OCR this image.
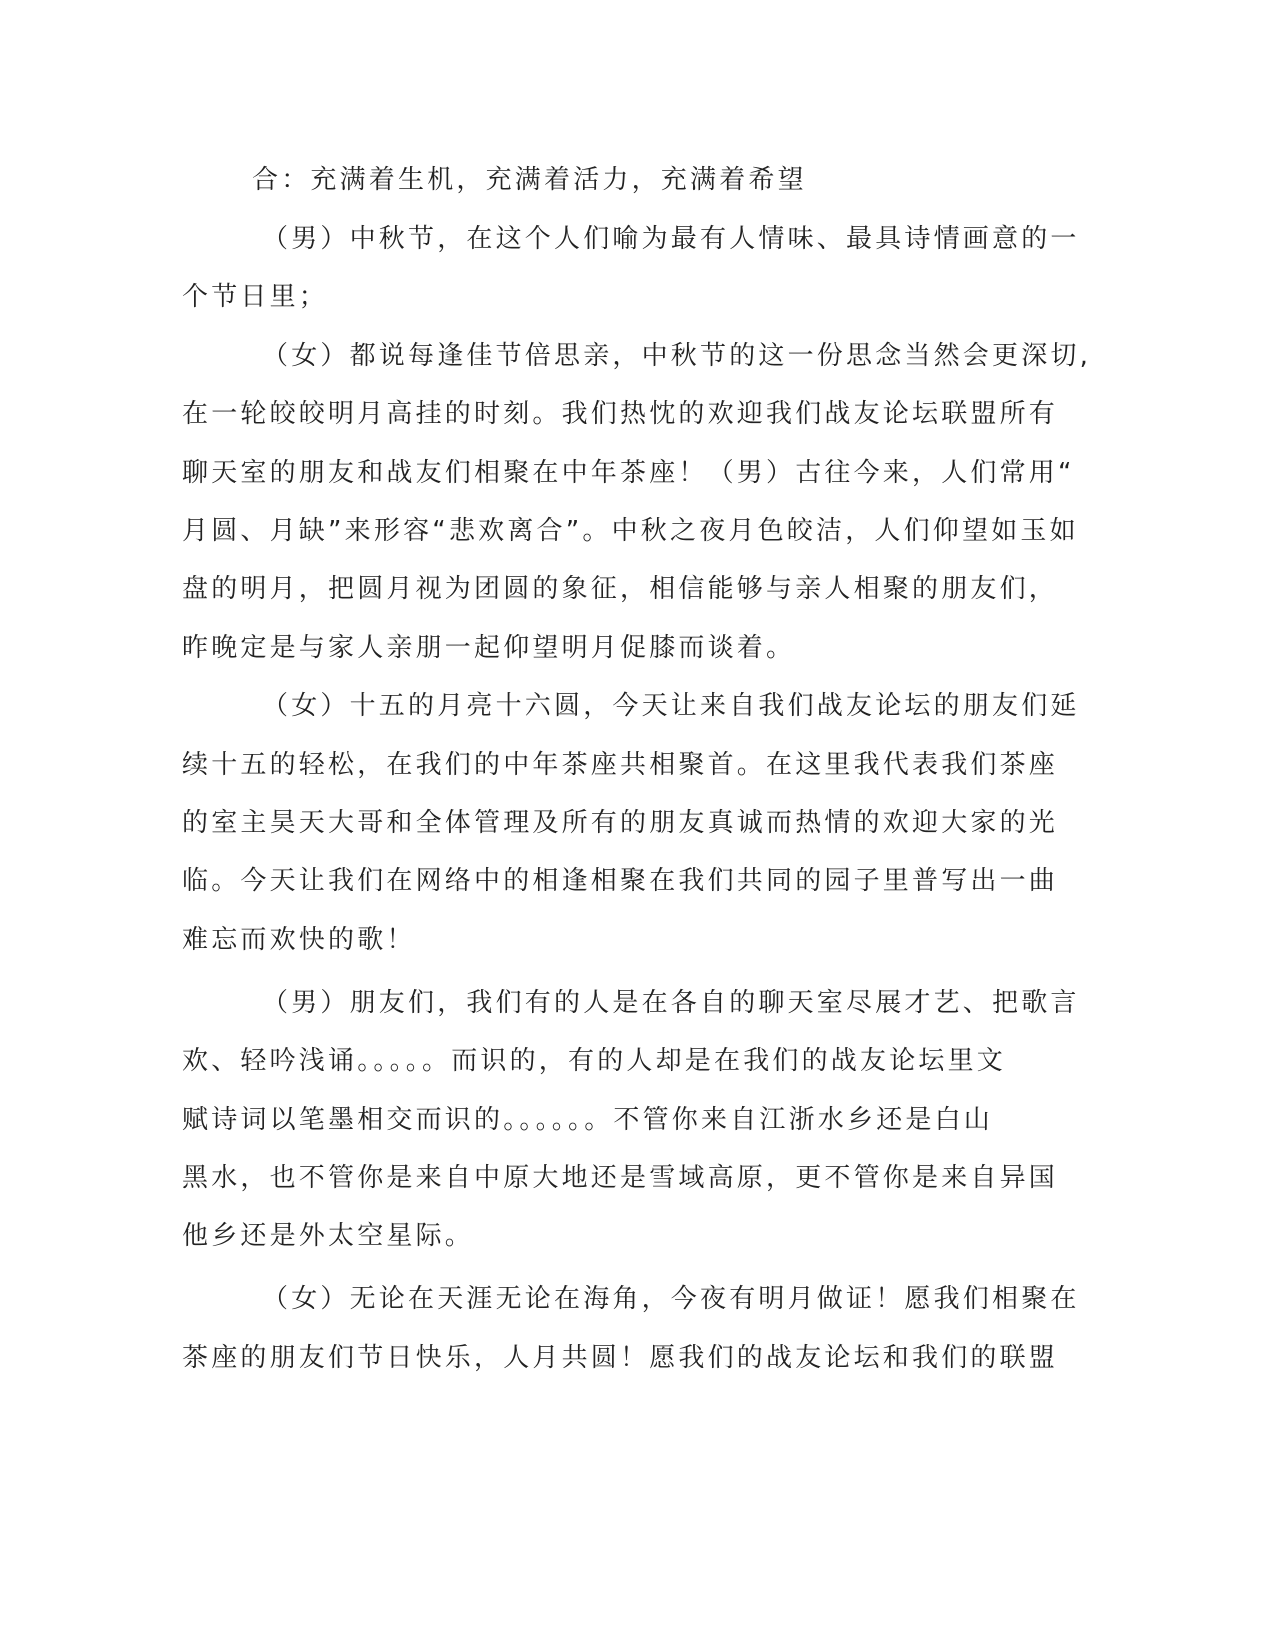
合：充满着生机，充满着活力，充满着希望
（男）中秋节，在这个人们喻为最有人情味、最具诗情画意的一
个节日里；
（女）都说每逢佳节倍思亲，中秋节的这一份思念当然会更深切,
在一轮皎皎明月高挂的时刻。我们热忱的欢迎我们战友论坛联盟所有
聊天室的朋友和战友们相聚在中年茶座！（男）古往今来，人们常用“
月圆、月缺”来形容“悲欢离合”。中秋之夜月色皎洁，人们仰望如玉如
盘的明月，把圆月视为团圆的象征，相信能够与亲人相聚的朋友们，
昨晚定是与家人亲朋一起仰望明月促膝而谈着。
（女）十五的月亮十六圆，今天让来自我们战友论坛的朋友们延
续十五的轻松，在我们的中年茶座共相聚首。在这里我代表我们茶座
的室主昊天大哥和全体管理及所有的朋友真诚而热情的欢迎大家的光
临。今天让我们在网络中的相逢相聚在我们共同的园子里普写出一曲
难忘而欢快的歌！
（男）朋友们，我们有的人是在各自的聊天室尽展才艺、把歌言
欢、轻吟浅诵。。。。。而识的，有的人却是在我们的战友论坛里文
赋诗词以笔墨相交而识的。。。。。。不管你来自江浙水乡还是白山
黑水，也不管你是来自中原大地还是雪域高原，更不管你是来自异国
他乡还是外太空星际。
（女）无论在天涯无论在海角，今夜有明月做证！愿我们相聚在
茶座的朋友们节日快乐，人月共圆！愿我们的战友论坛和我们的联盟
